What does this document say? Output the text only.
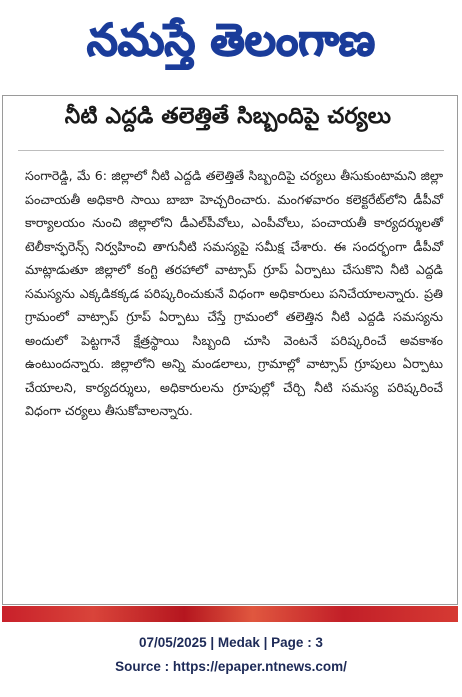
నమస్తే తెలంగాణ
నీటి ఎద్దడి తలెత్తితే సిబ్బందిపై చర్యలు

సంగారెడ్డి, మే 6: జిల్లాలో నీటి ఎద్దడి తలెత్తితే సిబ్బందిపై చర్యలు తీసుకుంటామని జిల్లా పంచాయతీ అధికారి సాయి బాబా హెచ్చరించారు. మంగళవారం కలెక్టరేట్‌లోని డీపీవో కార్యాలయం నుంచి జిల్లాలోని డీఎల్‌పీవోలు, ఎంపీవోలు, పంచాయతీ కార్యదర్శులతో టెలీకాన్ఫరెన్స్ నిర్వహించి తాగునీటి సమస్యపై సమీక్ష చేశారు. ఈ సందర్భంగా డీపీవో మాట్లాడుతూ జిల్లాలో కంగ్టి తరహాలో వాట్సాప్ గ్రూప్ ఏర్పాటు చేసుకొని నీటి ఎద్దడి సమస్యను ఎక్కడికక్కడ పరిష్కరించుకునే విధంగా అధికారులు పనిచేయాలన్నారు. ప్రతి గ్రామంలో వాట్సాప్ గ్రూప్ ఏర్పాటు చేస్తే గ్రామంలో తలెత్తిన నీటి ఎద్దడి సమస్యను అందులో పెట్టగానే క్షేత్రస్థాయి సిబ్బంది చూసి వెంటనే పరిష్కరించే అవకాశం ఉంటుందన్నారు. జిల్లాలోని అన్ని మండలాలు, గ్రామాల్లో వాట్సాప్ గ్రూపులు ఏర్పాటు చేయాలని, కార్యదర్శులు, అధికారులను గ్రూపుల్లో చేర్చి నీటి సమస్య పరిష్కరించే విధంగా చర్యలు తీసుకోవాలన్నారు.

07/05/2025 | Medak | Page : 3
Source : https://epaper.ntnews.com/
